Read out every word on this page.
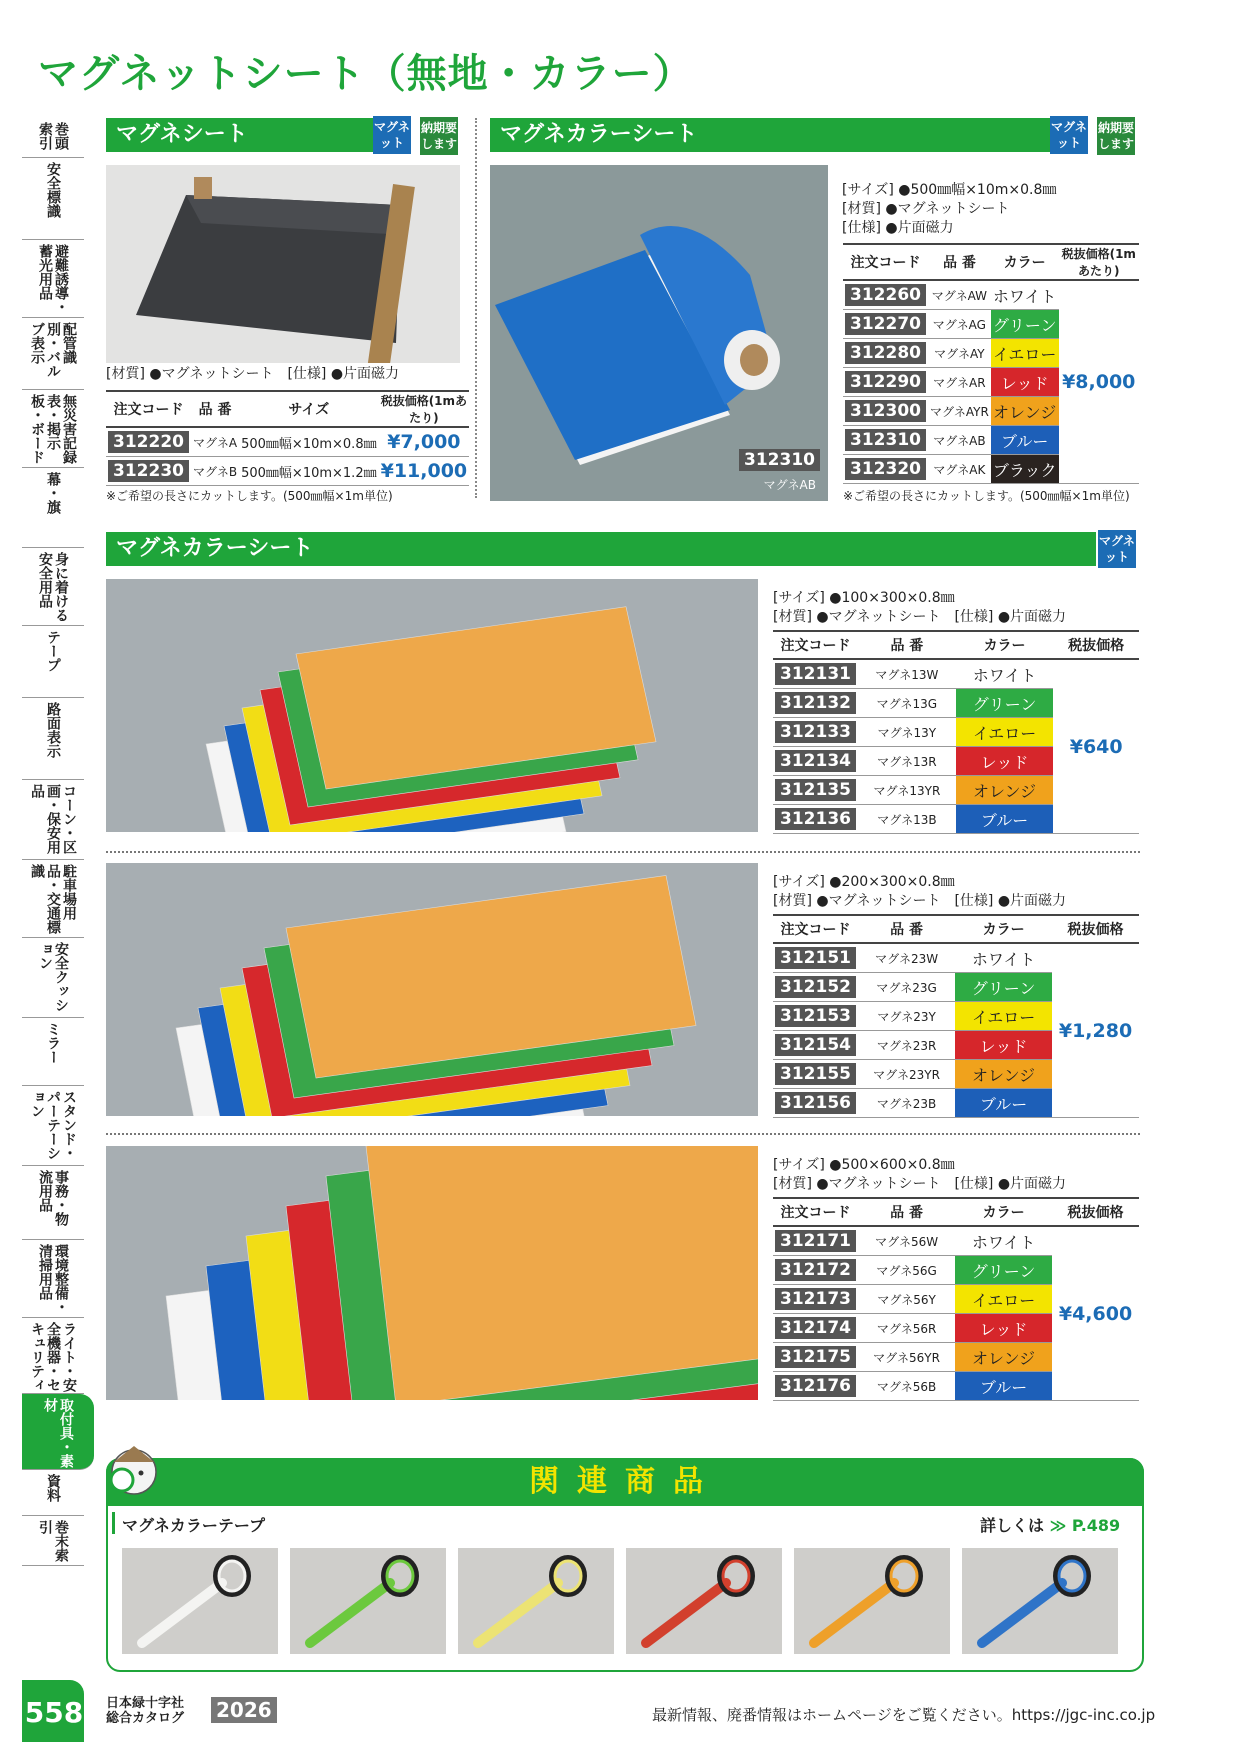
マグネットシート（無地・カラー）
巻頭索引
安全標識
避難誘導・蓄光用品
配管識別・バルブ表示
無災害記録表・掲示板・ボード
幕・旗
身に着ける安全用品
テープ
路面表示
コーン・区画・保安用品
駐車場用品・交通標識
安全クッション
ミラー
スタンド・パーテーション
事務・物流用品
環境整備・清掃用品
ライト・安全機器・セキュリティ
取付具・素材
資料
巻末索引
マグネシート	マグネット
納期要します
[材質] ●マグネットシート　[仕様] ●片面磁力
注文コード	品 番	サイズ	税抜価格(1mあたり)
312220	マグネA	500㎜幅×10m×0.8㎜	¥7,000
312230	マグネB	500㎜幅×10m×1.2㎜	¥11,000
※ご希望の長さにカットします。(500㎜幅×1m単位)
マグネカラーシート	マグネット
納期要します
312310
マグネAB
[サイズ] ●500㎜幅×10m×0.8㎜
[材質] ●マグネットシート
[仕様] ●片面磁力
注文コード	品 番	カラー	税抜価格(1mあたり)
312260	マグネAW	ホワイト	¥8,000
312270	マグネAG	グリーン	
312280	マグネAY	イエロー	
312290	マグネAR	レッド	
312300	マグネAYR	オレンジ	
312310	マグネAB	ブルー	
312320	マグネAK	ブラック	
※ご希望の長さにカットします。(500㎜幅×1m単位)
マグネカラーシート	マグネット
[サイズ] ●100×300×0.8㎜
[材質] ●マグネットシート　[仕様] ●片面磁力
注文コード	品 番	カラー	税抜価格
312131	マグネ13W	ホワイト	¥640
312132	マグネ13G	グリーン	
312133	マグネ13Y	イエロー	
312134	マグネ13R	レッド	
312135	マグネ13YR	オレンジ	
312136	マグネ13B	ブルー	
[サイズ] ●200×300×0.8㎜
[材質] ●マグネットシート　[仕様] ●片面磁力
注文コード	品 番	カラー	税抜価格
312151	マグネ23W	ホワイト	¥1,280
312152	マグネ23G	グリーン	
312153	マグネ23Y	イエロー	
312154	マグネ23R	レッド	
312155	マグネ23YR	オレンジ	
312156	マグネ23B	ブルー	
[サイズ] ●500×600×0.8㎜
[材質] ●マグネットシート　[仕様] ●片面磁力
注文コード	品 番	カラー	税抜価格
312171	マグネ56W	ホワイト	¥4,600
312172	マグネ56G	グリーン	
312173	マグネ56Y	イエロー	
312174	マグネ56R	レッド	
312175	マグネ56YR	オレンジ	
312176	マグネ56B	ブルー	
関連商品
マグネカラーテープ	詳しくは ≫ P.489
558 日本緑十字社
総合カタログ 2026	最新情報、廃番情報はホームページをご覧ください。https://jgc-inc.co.jp
